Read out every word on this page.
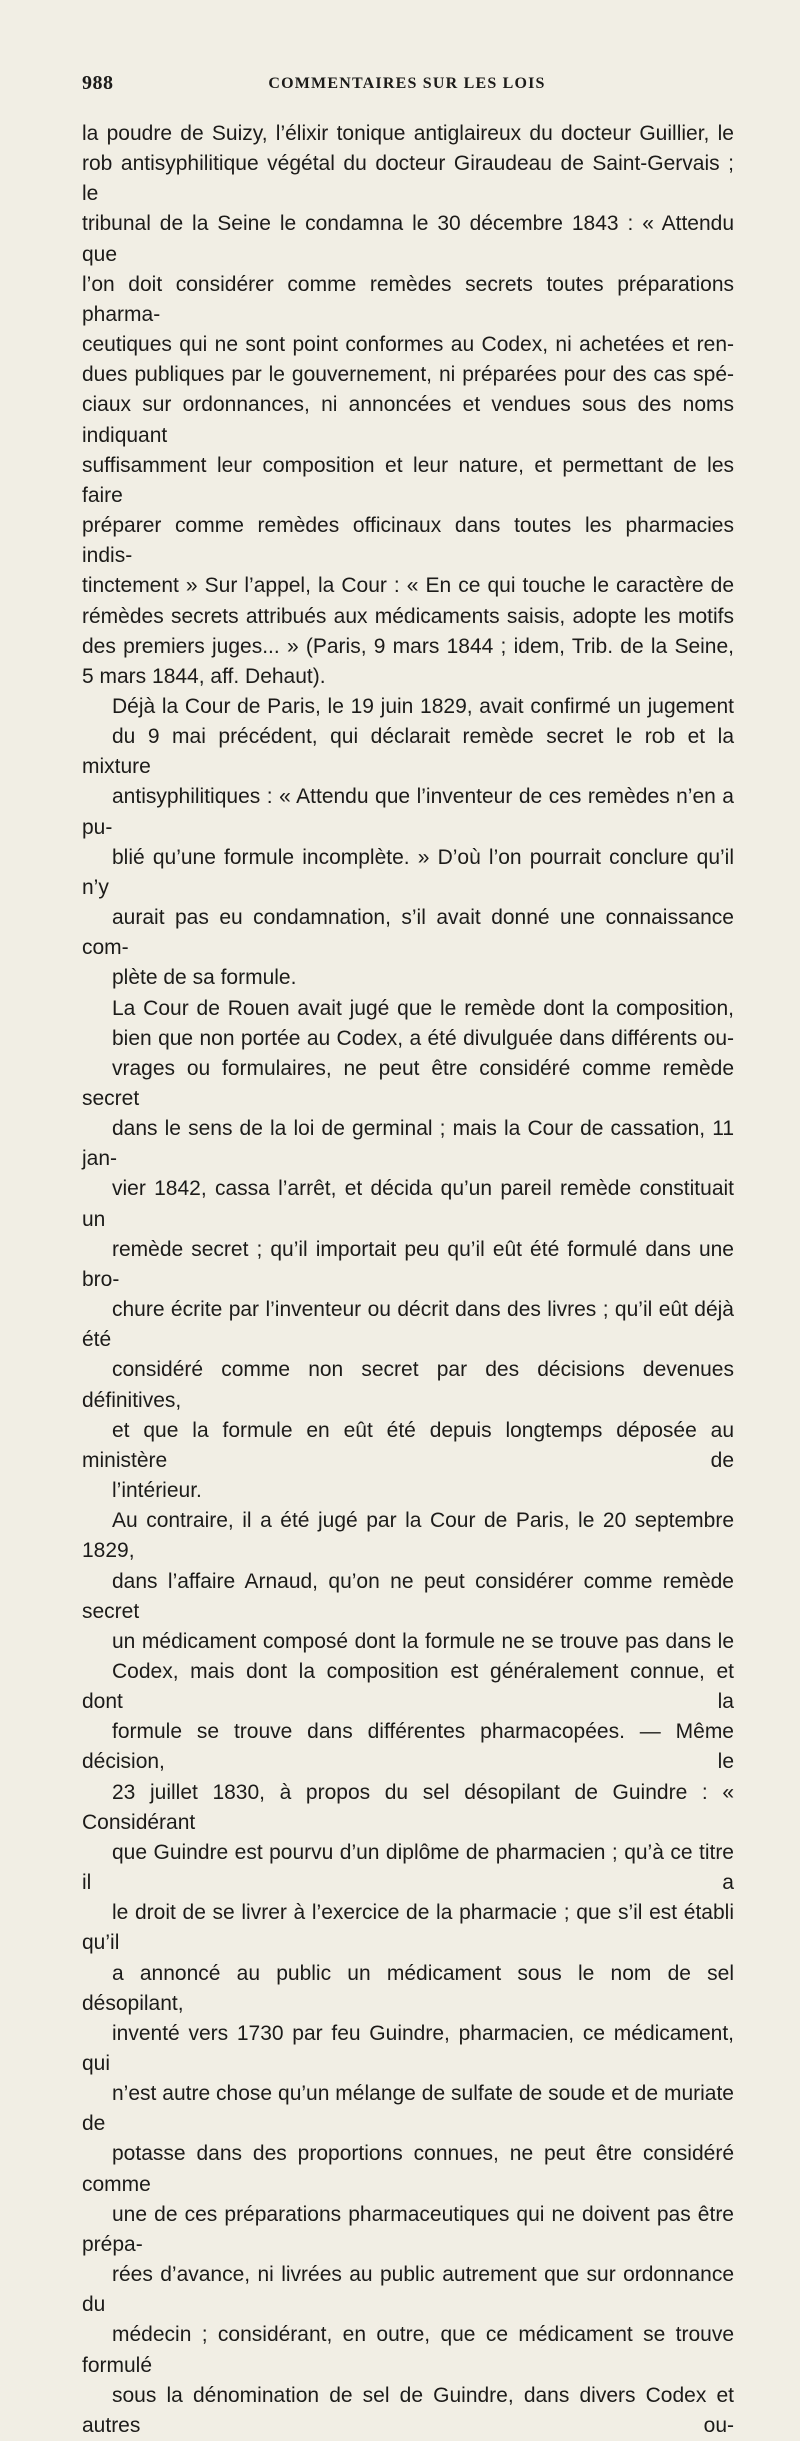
988	COMMENTAIRES SUR LES LOIS

la poudre de Suizy, l’élixir tonique antiglaireux du docteur Guillier, le
rob antisyphilitique végétal du docteur Giraudeau de Saint-Gervais ; le
tribunal de la Seine le condamna le 30 décembre 1843 : « Attendu que
l’on doit considérer comme remèdes secrets toutes préparations pharma-
ceutiques qui ne sont point conformes au Codex, ni achetées et ren-
dues publiques par le gouvernement, ni préparées pour des cas spé-
ciaux sur ordonnances, ni annoncées et vendues sous des noms indiquant
suffisamment leur composition et leur nature, et permettant de les faire
préparer comme remèdes officinaux dans toutes les pharmacies indis-
tinctement » Sur l’appel, la Cour : « En ce qui touche le caractère de
rémèdes secrets attribués aux médicaments saisis, adopte les motifs
des premiers juges... » (Paris, 9 mars 1844 ; idem, Trib. de la Seine,
5 mars 1844, aff. Dehaut).

Déjà la Cour de Paris, le 19 juin 1829, avait confirmé un jugement
du 9 mai précédent, qui déclarait remède secret le rob et la mixture
antisyphilitiques : « Attendu que l’inventeur de ces remèdes n’en a pu-
blié qu’une formule incomplète. » D’où l’on pourrait conclure qu’il n’y
aurait pas eu condamnation, s’il avait donné une connaissance com-
plète de sa formule.

La Cour de Rouen avait jugé que le remède dont la composition,
bien que non portée au Codex, a été divulguée dans différents ou-
vrages ou formulaires, ne peut être considéré comme remède secret
dans le sens de la loi de germinal ; mais la Cour de cassation, 11 jan-
vier 1842, cassa l’arrêt, et décida qu’un pareil remède constituait un
remède secret ; qu’il importait peu qu’il eût été formulé dans une bro-
chure écrite par l’inventeur ou décrit dans des livres ; qu’il eût déjà été
considéré comme non secret par des décisions devenues définitives,
et que la formule en eût été depuis longtemps déposée au ministère de
l’intérieur.

Au contraire, il a été jugé par la Cour de Paris, le 20 septembre 1829,
dans l’affaire Arnaud, qu’on ne peut considérer comme remède secret
un médicament composé dont la formule ne se trouve pas dans le
Codex, mais dont la composition est généralement connue, et dont la
formule se trouve dans différentes pharmacopées. — Même décision, le
23 juillet 1830, à propos du sel désopilant de Guindre : « Considérant
que Guindre est pourvu d’un diplôme de pharmacien ; qu’à ce titre il a
le droit de se livrer à l’exercice de la pharmacie ; que s’il est établi qu’il
a annoncé au public un médicament sous le nom de sel désopilant,
inventé vers 1730 par feu Guindre, pharmacien, ce médicament, qui
n’est autre chose qu’un mélange de sulfate de soude et de muriate de
potasse dans des proportions connues, ne peut être considéré comme
une de ces préparations pharmaceutiques qui ne doivent pas être prépa-
rées d’avance, ni livrées au public autrement que sur ordonnance du
médecin ; considérant, en outre, que ce médicament se trouve formulé
sous la dénomination de sel de Guindre, dans divers Codex et autres ou-
